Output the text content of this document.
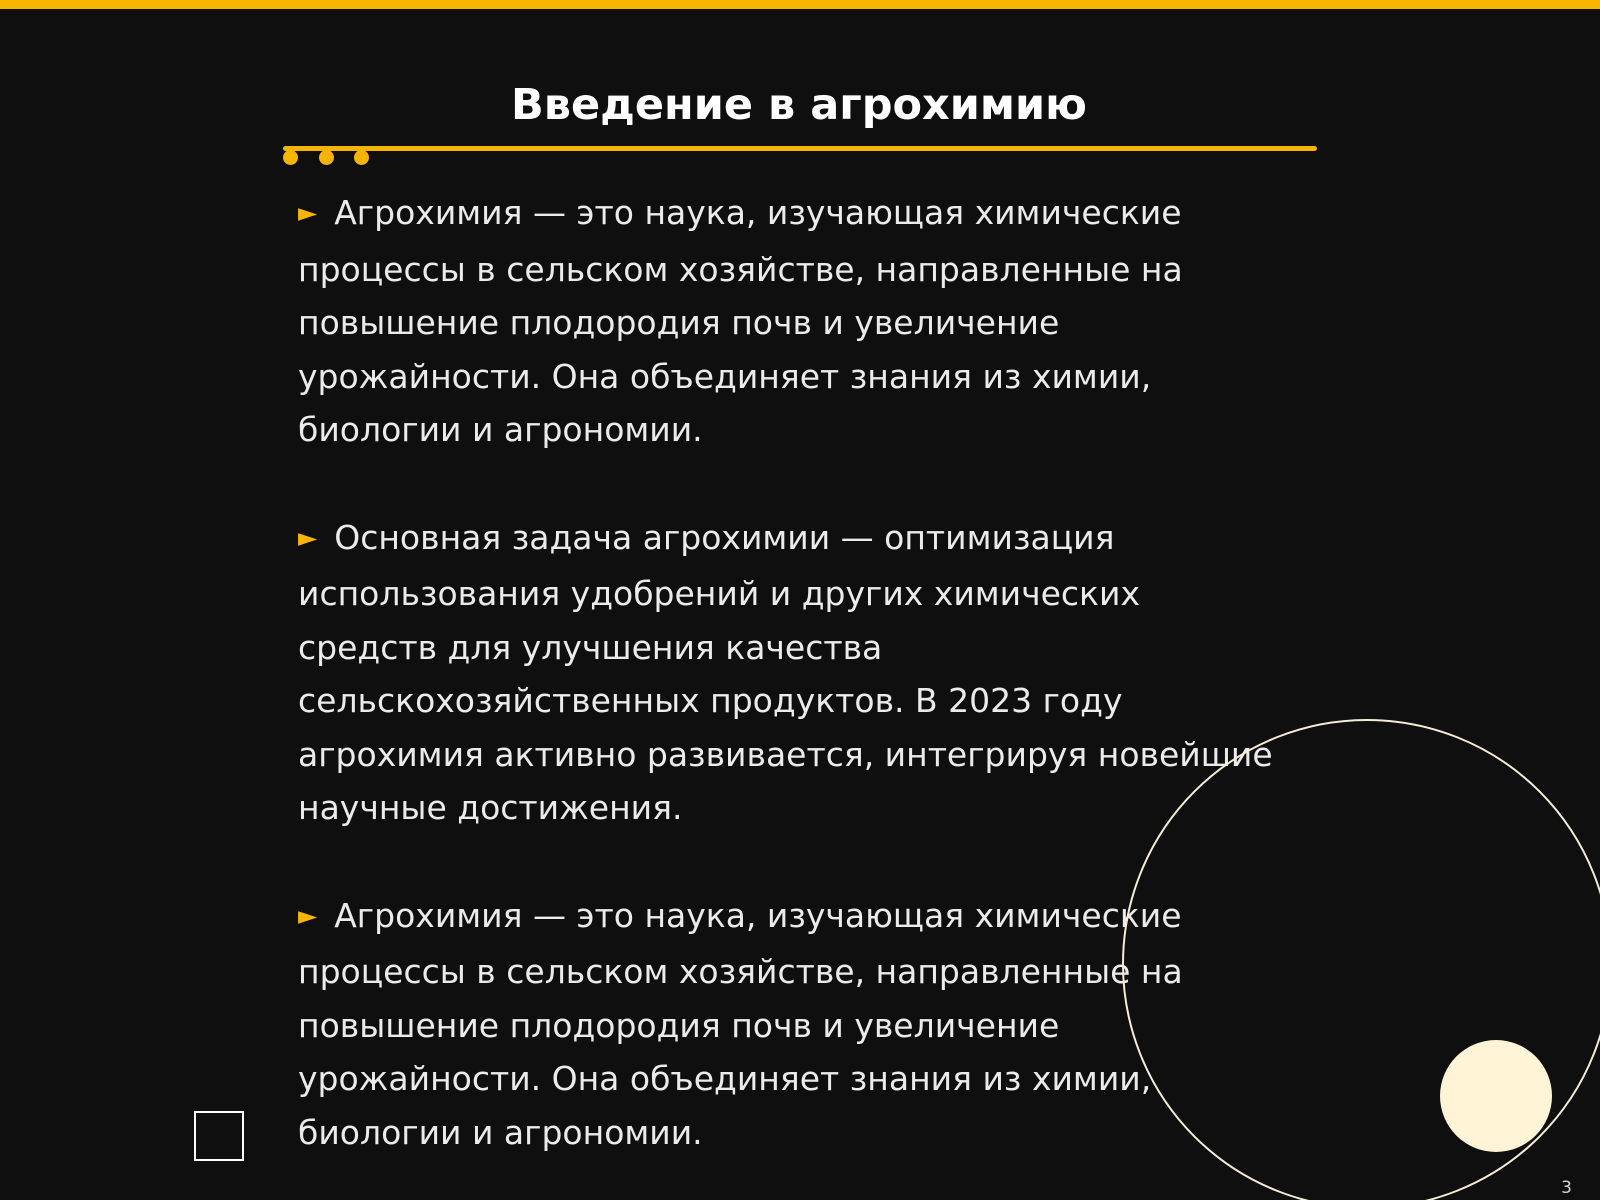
Введение в агрохимию

► Агрохимия — это наука, изучающая химические процессы в сельском хозяйстве, направленные на повышение плодородия почв и увеличение урожайности. Она объединяет знания из химии, биологии и агрономии.

► Основная задача агрохимии — оптимизация использования удобрений и других химических средств для улучшения качества сельскохозяйственных продуктов. В 2023 году агрохимия активно развивается, интегрируя новейшие научные достижения.

► Агрохимия — это наука, изучающая химические процессы в сельском хозяйстве, направленные на повышение плодородия почв и увеличение урожайности. Она объединяет знания из химии, биологии и агрономии.

3
